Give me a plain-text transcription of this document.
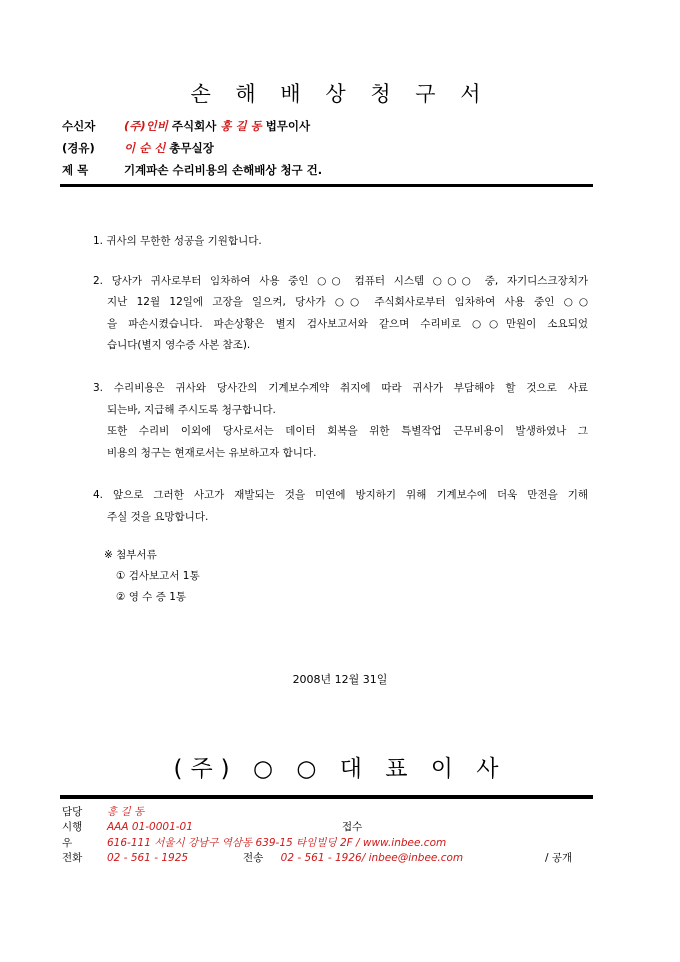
손 해 배 상 청 구 서
수신자 (주)인비 주식회사 홍 길 동 법무이사
(경유)	이 순 신 총무실장
제 목	기계파손 수리비용의 손해배상 청구 건.
1. 귀사의 무한한 성공을 기원합니다.
2. 당사가 귀사로부터 임차하여 사용 중인 ○○ 컴퓨터 시스템 ○○○ 중, 자기디스크장치가
지난 12월 12일에 고장을 일으켜, 당사가 ○○ 주식회사로부터 임차하여 사용 중인 ○○
을 파손시켰습니다. 파손상황은 별지 검사보고서와 같으며 수리비로 ○○만원이 소요되었
습니다(별지 영수증 사본 참조).
3. 수리비용은 귀사와 당사간의 기계보수계약 취지에 따라 귀사가 부담해야 할 것으로 사료
되는바, 지급해 주시도록 청구합니다.
또한 수리비 이외에 당사로서는 데이터 회복을 위한 특별작업 근무비용이 발생하였나 그
비용의 청구는 현재로서는 유보하고자 합니다.
4. 앞으로 그러한 사고가 재발되는 것을 미연에 방지하기 위해 기계보수에 더욱 만전을 기해
주실 것을 요망합니다.
※ 첨부서류
① 검사보고서 1통
② 영 수 증 1통
2008년 12월 31일
(주) ○ ○ 대 표 이 사
담당 홍 길 동
시행 AAA 01-0001-01	접수
우	616-111 서울시 강남구 역삼동 639-15 타임빌딩 2F / www.inbee.com
전화 02 - 561 - 1925	전송 02 - 561 - 1926/ inbee@inbee.com	/ 공개
